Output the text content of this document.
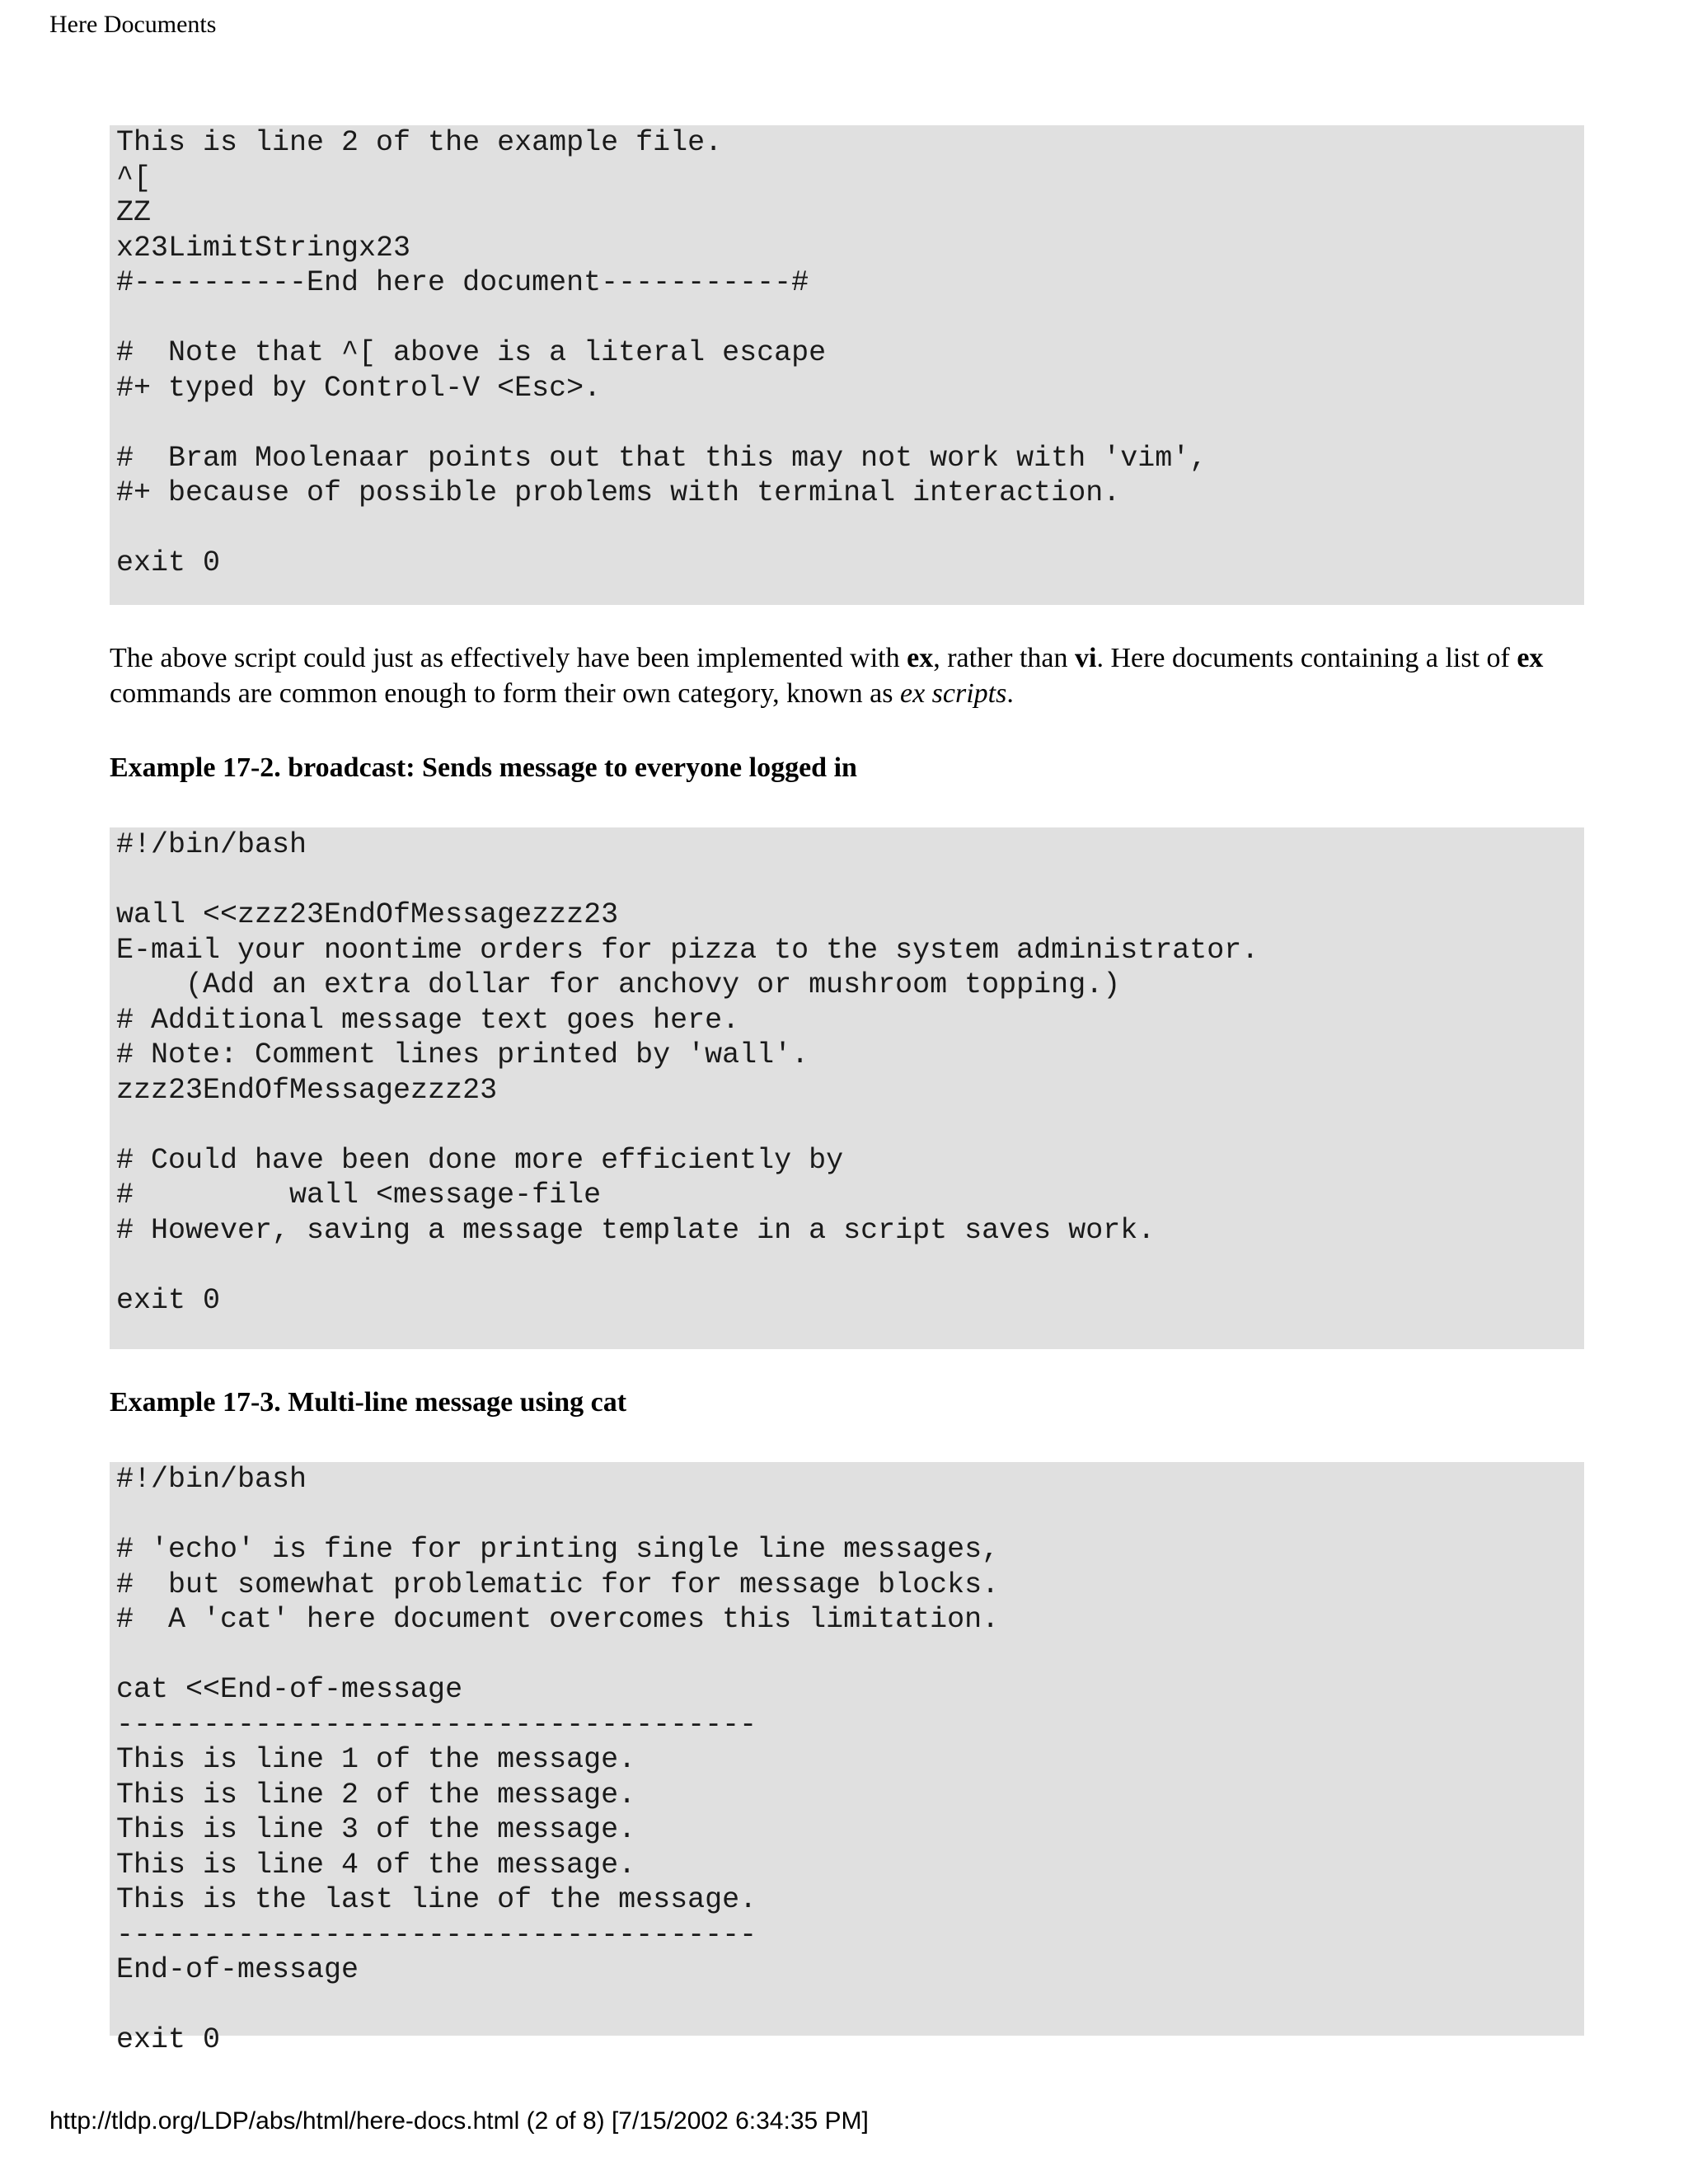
Here Documents
This is line 2 of the example file.
^[
ZZ
x23LimitStringx23
#----------End here document-----------#

#  Note that ^[ above is a literal escape
#+ typed by Control-V <Esc>.

#  Bram Moolenaar points out that this may not work with 'vim',
#+ because of possible problems with terminal interaction.

exit 0

The above script could just as effectively have been implemented with ex, rather than vi. Here documents containing a list of ex commands are common enough to form their own category, known as ex scripts.

Example 17-2. broadcast: Sends message to everyone logged in

#!/bin/bash

wall <<zzz23EndOfMessagezzz23
E-mail your noontime orders for pizza to the system administrator.
(Add an extra dollar for anchovy or mushroom topping.)
# Additional message text goes here.
# Note: Comment lines printed by 'wall'.
zzz23EndOfMessagezzz23

# Could have been done more efficiently by
#         wall <message-file
# However, saving a message template in a script saves work.

exit 0

Example 17-3. Multi-line message using cat

#!/bin/bash

# 'echo' is fine for printing single line messages,
#  but somewhat problematic for for message blocks.
#  A 'cat' here document overcomes this limitation.

cat <<End-of-message
-------------------------------------
This is line 1 of the message.
This is line 2 of the message.
This is line 3 of the message.
This is line 4 of the message.
This is the last line of the message.
-------------------------------------
End-of-message

exit 0
http://tldp.org/LDP/abs/html/here-docs.html (2 of 8) [7/15/2002 6:34:35 PM]
